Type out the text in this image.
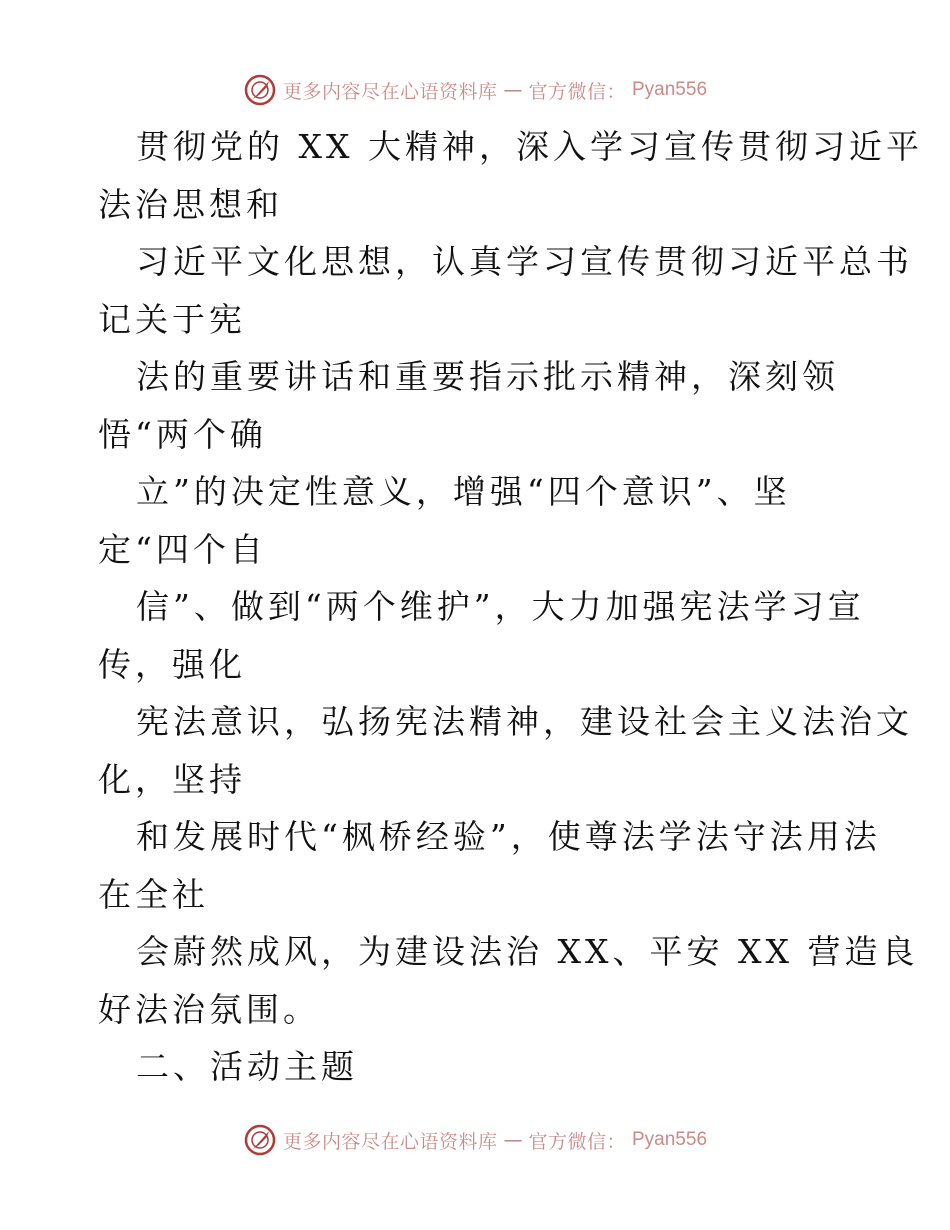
更多内容尽在心语资料库 — 官方微信： Pyan556
贯彻党的 XX 大精神，深入学习宣传贯彻习近平
法治思想和
习近平文化思想，认真学习宣传贯彻习近平总书
记关于宪
法的重要讲话和重要指示批示精神，深刻领
悟“两个确
立”的决定性意义，增强“四个意识”、坚
定“四个自
信”、做到“两个维护”，大力加强宪法学习宣
传，强化
宪法意识，弘扬宪法精神，建设社会主义法治文
化，坚持
和发展时代“枫桥经验”，使尊法学法守法用法
在全社
会蔚然成风，为建设法治 XX、平安 XX 营造良
好法治氛围。
二、活动主题
更多内容尽在心语资料库 — 官方微信： Pyan556
